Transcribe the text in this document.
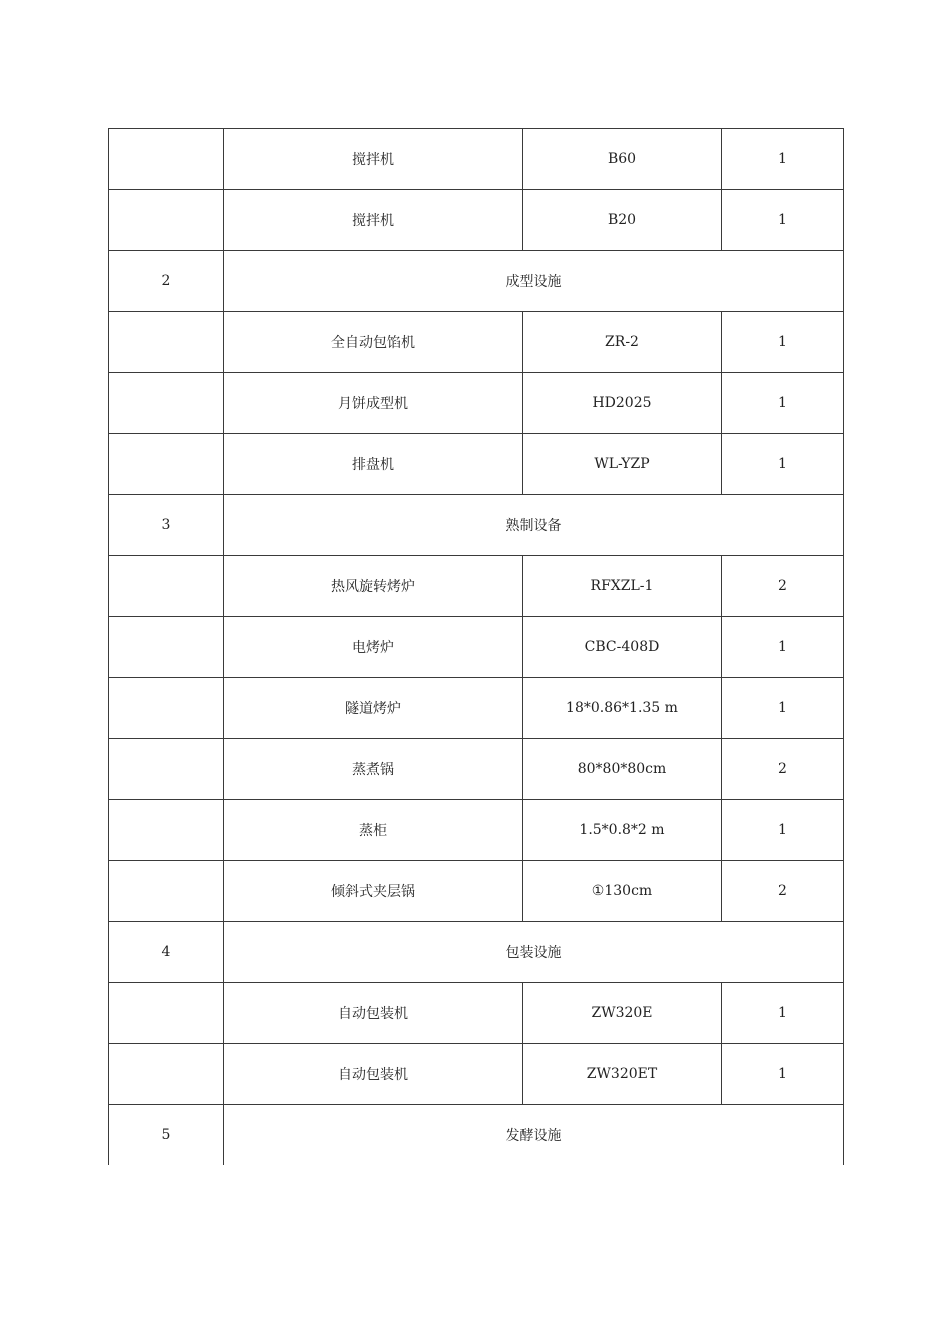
	搅拌机	B60	1
	搅拌机	B20	1
2	成型设施		
	全自动包馅机	ZR-2	1
	月饼成型机	HD2025	1
	排盘机	WL-YZP	1
3	熟制设备		
	热风旋转烤炉	RFXZL-1	2
	电烤炉	CBC-408D	1
	隧道烤炉	18*0.86*1.35 m	1
	蒸煮锅	80*80*80cm	2
	蒸柜	1.5*0.8*2 m	1
	倾斜式夹层锅	①130cm	2
4	包装设施		
	自动包装机	ZW320E	1
	自动包装机	ZW320ET	1
5	发酵设施		
